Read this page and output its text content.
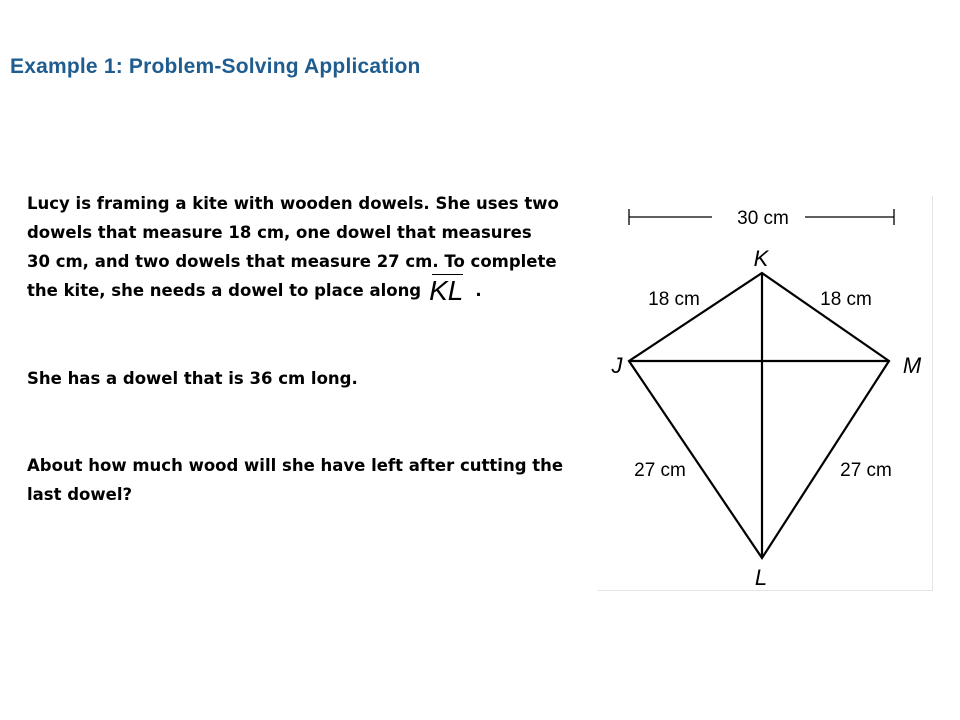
Example 1: Problem-Solving Application

Lucy is framing a kite with wooden dowels. She uses two

dowels that measure 18 cm, one dowel that measures

30 cm, and two dowels that measure 27 cm. To complete

the kite, she needs a dowel to place along KL .

She has a dowel that is 36 cm long.

About how much wood will she have left after cutting the last dowel?

30 cm
K
J	M
L
18 cm	18 cm
27 cm	27 cm
